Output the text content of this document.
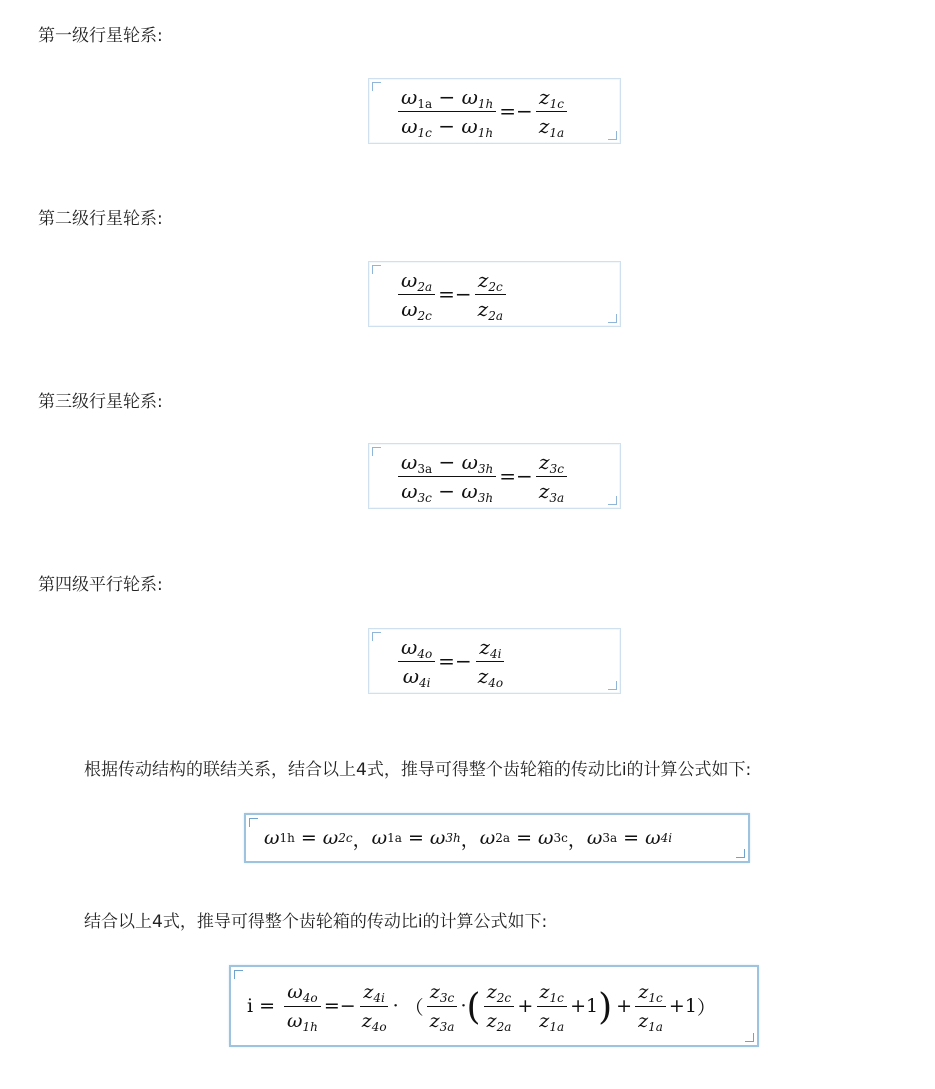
第一级行星轮系:
$\frac{\omega_{1a} - \omega_{1h}}{\omega_{1c} - \omega_{1h}}$ = − $\frac{z_{1c}}{z_{1a}}$
第二级行星轮系:
$\frac{\omega_{2a}}{\omega_{2c}}$ = − $\frac{z_{2c}}{z_{2a}}$
第三级行星轮系:
$\frac{\omega_{3a} - \omega_{3h}}{\omega_{3c} - \omega_{3h}}$ = − $\frac{z_{3c}}{z_{3a}}$
第四级平行轮系:
$\frac{\omega_{4o}}{\omega_{4i}}$ = − $\frac{z_{4i}}{z_{4o}}$
根据传动结构的联结关系，结合以上4式，推导可得整个齿轮箱的传动比i的计算公式如下:
ω 1h = ω 2c ， ω 1a = ω 3h ， ω 2a = ω 3c ， ω 3a = ω 4i
结合以上4式，推导可得整个齿轮箱的传动比i的计算公式如下:
$i = \frac{\omega_{4o}}{\omega_{1h}}$ = − $\frac{z_{4i}}{z_{4o}}$ · （ $\frac{z_{3c}}{z_{3a}}$ · ( $\frac{z_{2c}}{z_{2a}} + \frac{z_{1c}}{z_{1a}} + 1$ ) + $\frac{z_{1c}}{z_{1a}} + 1$ ）
